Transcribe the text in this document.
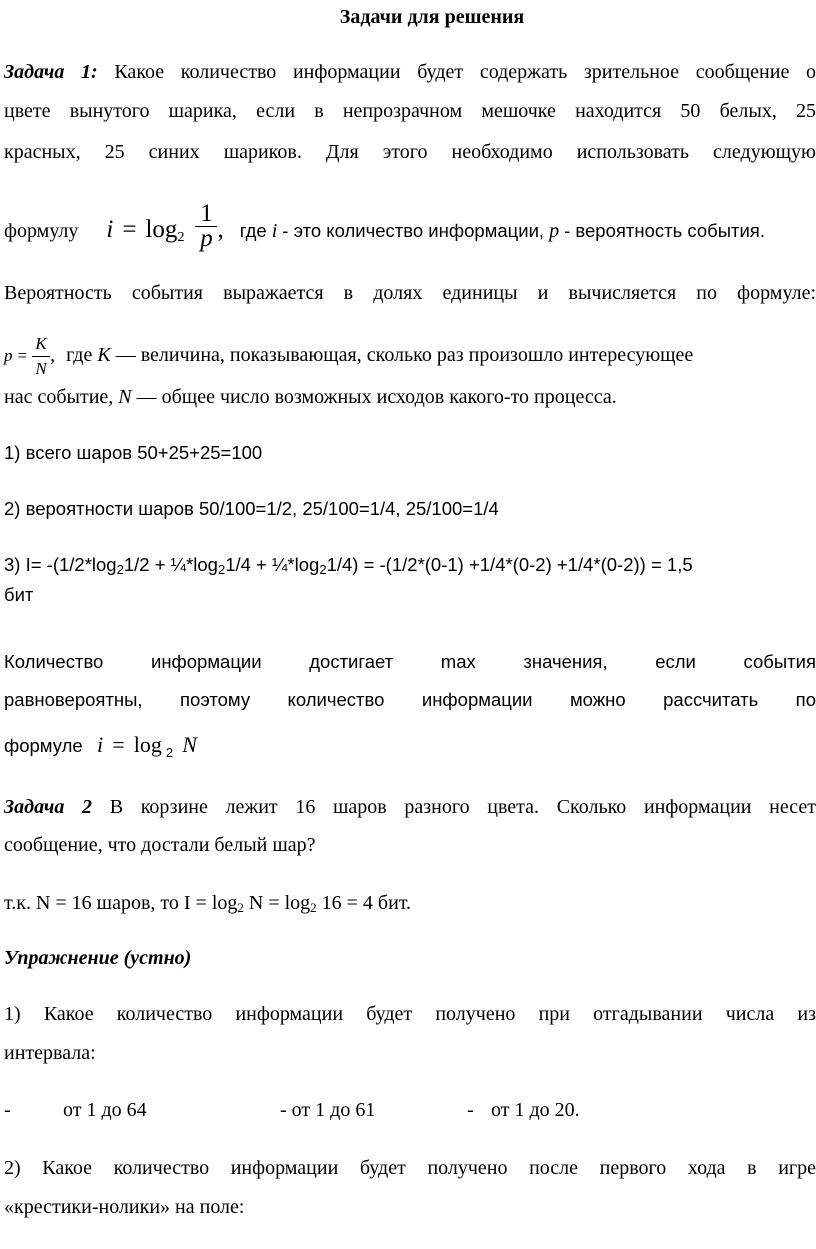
Задачи для решения
Задача 1: Какое количество информации будет содержать зрительное сообщение о
цвете вынутого шарика, если в непрозрачном мешочке находится 50 белых, 25
красных, 25 синих шариков. Для этого необходимо использовать следующую
формулу $i = \log_2 \frac{1}{p}$ , где i - это количество информации, p - вероятность события.
Вероятность события выражается в долях единицы и вычисляется по формуле:
$p = \frac{K}{N}$ , где K — величина, показывающая, сколько раз произошло интересующее
нас событие, N — общее число возможных исходов какого-то процесса.
1) всего шаров 50+25+25=100
2) вероятности шаров 50/100=1/2, 25/100=1/4, 25/100=1/4
3) $I= -(1/2*\log_21/2$ + $\frac{1}{4}*\log_21/4$ + $\frac{1}{4}*\log_21/4) = -(1/2*(0-1) +1/4*(0-2) +1/4*(0-2)) = 1,5$
бит
Количество информации достигает max значения, если события
равновероятны, поэтому количество информации можно рассчитать по
формуле i = log $_2$ N
Задача 2 В корзине лежит 16 шаров разного цвета. Сколько информации несет
сообщение, что достали белый шар?
т.к. N = 16 шаров, то $I = \log_2 N = \log_2 16 = 4$ бит.
Упражнение (устно)
1) Какое количество информации будет получено при отгадывании числа из
интервала:
-	от 1 до 64	- от 1 до 61	- от 1 до 20.
2) Какое количество информации будет получено после первого хода в игре
«крестики-нолики» на поле:
